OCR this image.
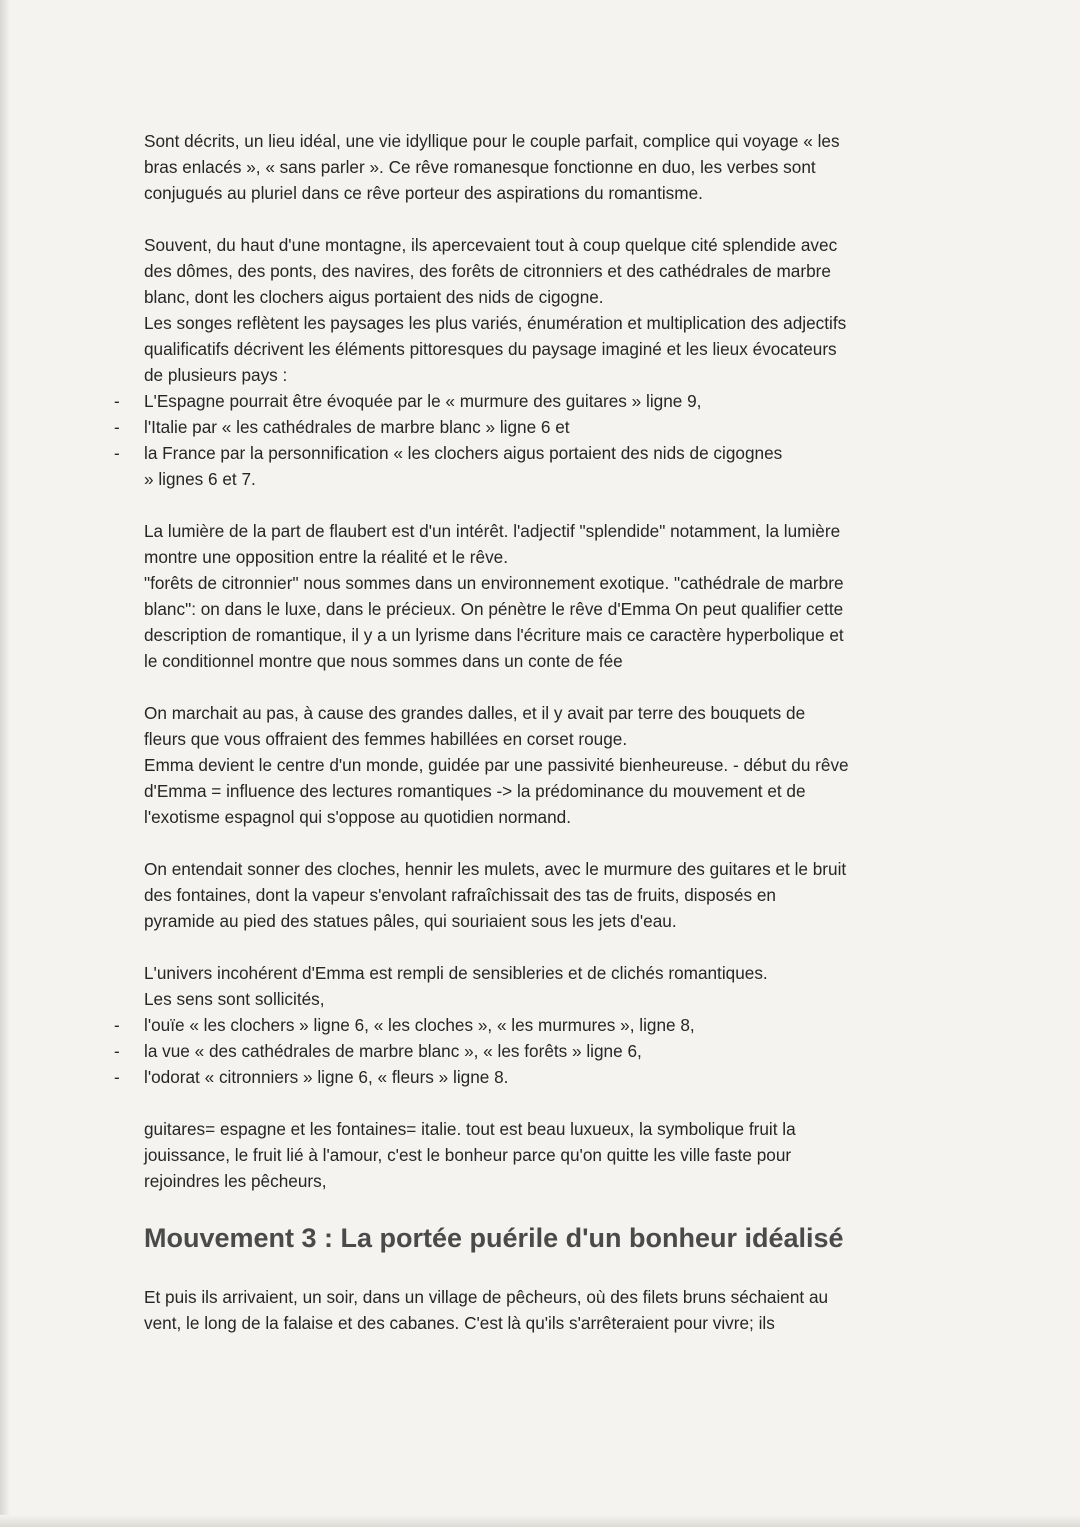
Sont décrits, un lieu idéal, une vie idyllique pour le couple parfait, complice qui voyage « les
bras enlacés », « sans parler ». Ce rêve romanesque fonctionne en duo, les verbes sont
conjugués au pluriel dans ce rêve porteur des aspirations du romantisme.
Souvent, du haut d'une montagne, ils apercevaient tout à coup quelque cité splendide avec
des dômes, des ponts, des navires, des forêts de citronniers et des cathédrales de marbre
blanc, dont les clochers aigus portaient des nids de cigogne.
Les songes reflètent les paysages les plus variés, énumération et multiplication des adjectifs
qualificatifs décrivent les éléments pittoresques du paysage imaginé et les lieux évocateurs
de plusieurs pays :
- L'Espagne pourrait être évoquée par le « murmure des guitares » ligne 9,
- l'Italie par « les cathédrales de marbre blanc » ligne 6 et
- la France par la personnification « les clochers aigus portaient des nids de cigognes
» lignes 6 et 7.
La lumière de la part de flaubert est d'un intérêt. l'adjectif "splendide" notamment, la lumière
montre une opposition entre la réalité et le rêve.
"forêts de citronnier" nous sommes dans un environnement exotique. "cathédrale de marbre
blanc": on dans le luxe, dans le précieux. On pénètre le rêve d'Emma On peut qualifier cette
description de romantique, il y a un lyrisme dans l'écriture mais ce caractère hyperbolique et
le conditionnel montre que nous sommes dans un conte de fée
On marchait au pas, à cause des grandes dalles, et il y avait par terre des bouquets de
fleurs que vous offraient des femmes habillées en corset rouge.
Emma devient le centre d'un monde, guidée par une passivité bienheureuse. - début du rêve
d'Emma = influence des lectures romantiques -> la prédominance du mouvement et de
l'exotisme espagnol qui s'oppose au quotidien normand.
On entendait sonner des cloches, hennir les mulets, avec le murmure des guitares et le bruit
des fontaines, dont la vapeur s'envolant rafraîchissait des tas de fruits, disposés en
pyramide au pied des statues pâles, qui souriaient sous les jets d'eau.
L'univers incohérent d'Emma est rempli de sensibleries et de clichés romantiques.
Les sens sont sollicités,
- l'ouïe « les clochers » ligne 6, « les cloches », « les murmures », ligne 8,
- la vue « des cathédrales de marbre blanc », « les forêts » ligne 6,
- l'odorat « citronniers » ligne 6, « fleurs » ligne 8.
guitares= espagne et les fontaines= italie. tout est beau luxueux, la symbolique fruit la
jouissance, le fruit lié à l'amour, c'est le bonheur parce qu'on quitte les ville faste pour
rejoindres les pêcheurs,
Mouvement 3 : La portée puérile d'un bonheur idéalisé
Et puis ils arrivaient, un soir, dans un village de pêcheurs, où des filets bruns séchaient au
vent, le long de la falaise et des cabanes. C'est là qu'ils s'arrêteraient pour vivre; ils
